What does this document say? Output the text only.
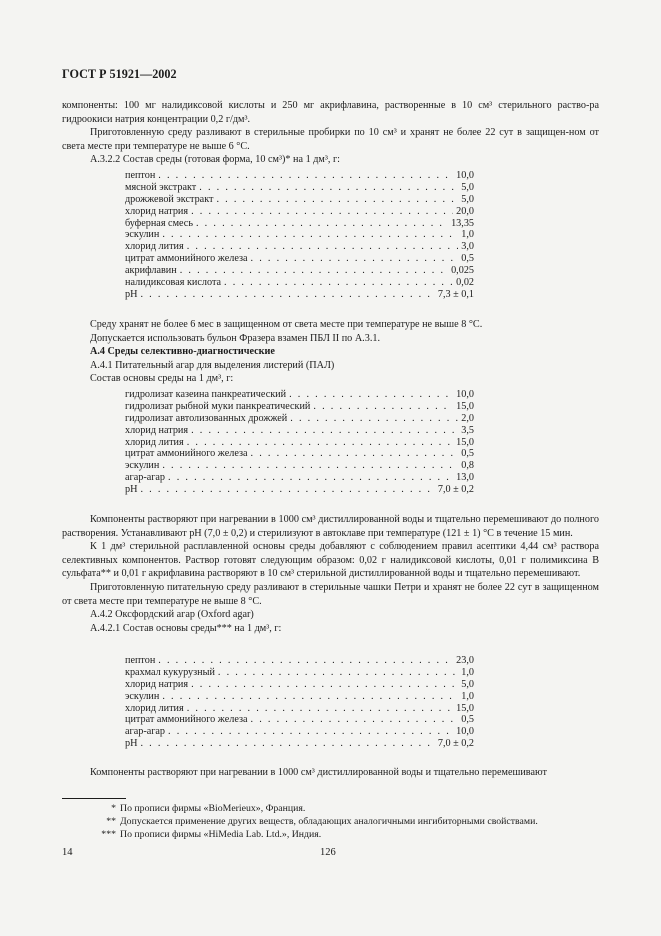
ГОСТ Р 51921—2002

компоненты: 100 мг налидиксовой кислоты и 250 мг акрифлавина, растворенные в 10 см³ стерильного раство-ра гидроокиси натрия концентрации 0,2 г/дм³.

Приготовленную среду разливают в стерильные пробирки по 10 см³ и хранят не более 22 сут в защищен-ном от света месте при температуре не выше 6 °С.

А.3.2.2 Состав среды (готовая форма, 10 см³)* на 1 дм³, г:

пептон . . .	10,0
мясной экстракт . . .	5,0
дрожжевой экстракт . . .	5,0
хлорид натрия . . .	20,0
буферная смесь . . .	13,35
эскулин . . .	1,0
хлорид лития . . .	3,0
цитрат аммонийного железа . . .	0,5
акрифлавин . . .	0,025
налидиксовая кислота . . .	0,02
pH . . .	7,3 ± 0,1

Среду хранят не более 6 мес в защищенном от света месте при температуре не выше 8 °С.

Допускается использовать бульон Фразера взамен ПБЛ II по А.3.1.

А.4 Среды селективно-диагностические

А.4.1 Питательный агар для выделения листерий (ПАЛ)

Состав основы среды на 1 дм³, г:

гидролизат казеина панкреатический . . .	10,0
гидролизат рыбной муки панкреатический . . .	15,0
гидролизат автолизованных дрожжей . . .	2,0
хлорид натрия . . .	3,5
хлорид лития . . .	15,0
цитрат аммонийного железа . . .	0,5
эскулин . . .	0,8
агар-агар . . .	13,0
pH . . .	7,0 ± 0,2

Компоненты растворяют при нагревании в 1000 см³ дистиллированной воды и тщательно перемешивают до полного растворения. Устанавливают pH (7,0 ± 0,2) и стерилизуют в автоклаве при температуре (121 ± 1) °С в течение 15 мин.

К 1 дм³ стерильной расплавленной основы среды добавляют с соблюдением правил асептики 4,44 см³ раствора селективных компонентов. Раствор готовят следующим образом: 0,02 г налидиксовой кислоты, 0,01 г полимиксина В сульфата** и 0,01 г акрифлавина растворяют в 10 см³ стерильной дистиллированной воды и тщательно перемешивают.

Приготовленную питательную среду разливают в стерильные чашки Петри и хранят не более 22 сут в защищенном от света месте при температуре не выше 8 °С.

А.4.2 Оксфордский агар (Oxford agar)

А.4.2.1 Состав основы среды*** на 1 дм³, г:

пептон . . .	23,0
крахмал кукурузный . . .	1,0
хлорид натрия . . .	5,0
эскулин . . .	1,0
хлорид лития . . .	15,0
цитрат аммонийного железа . . .	0,5
агар-агар . . .	10,0
pH . . .	7,0 ± 0,2

Компоненты растворяют при нагревании в 1000 см³ дистиллированной воды и тщательно перемешивают

* По прописи фирмы «BioMerieux», Франция.
** Допускается применение других веществ, обладающих аналогичными ингибиторными свойствами.
*** По прописи фирмы «HiMedia Lab. Ltd.», Индия.
14	126
